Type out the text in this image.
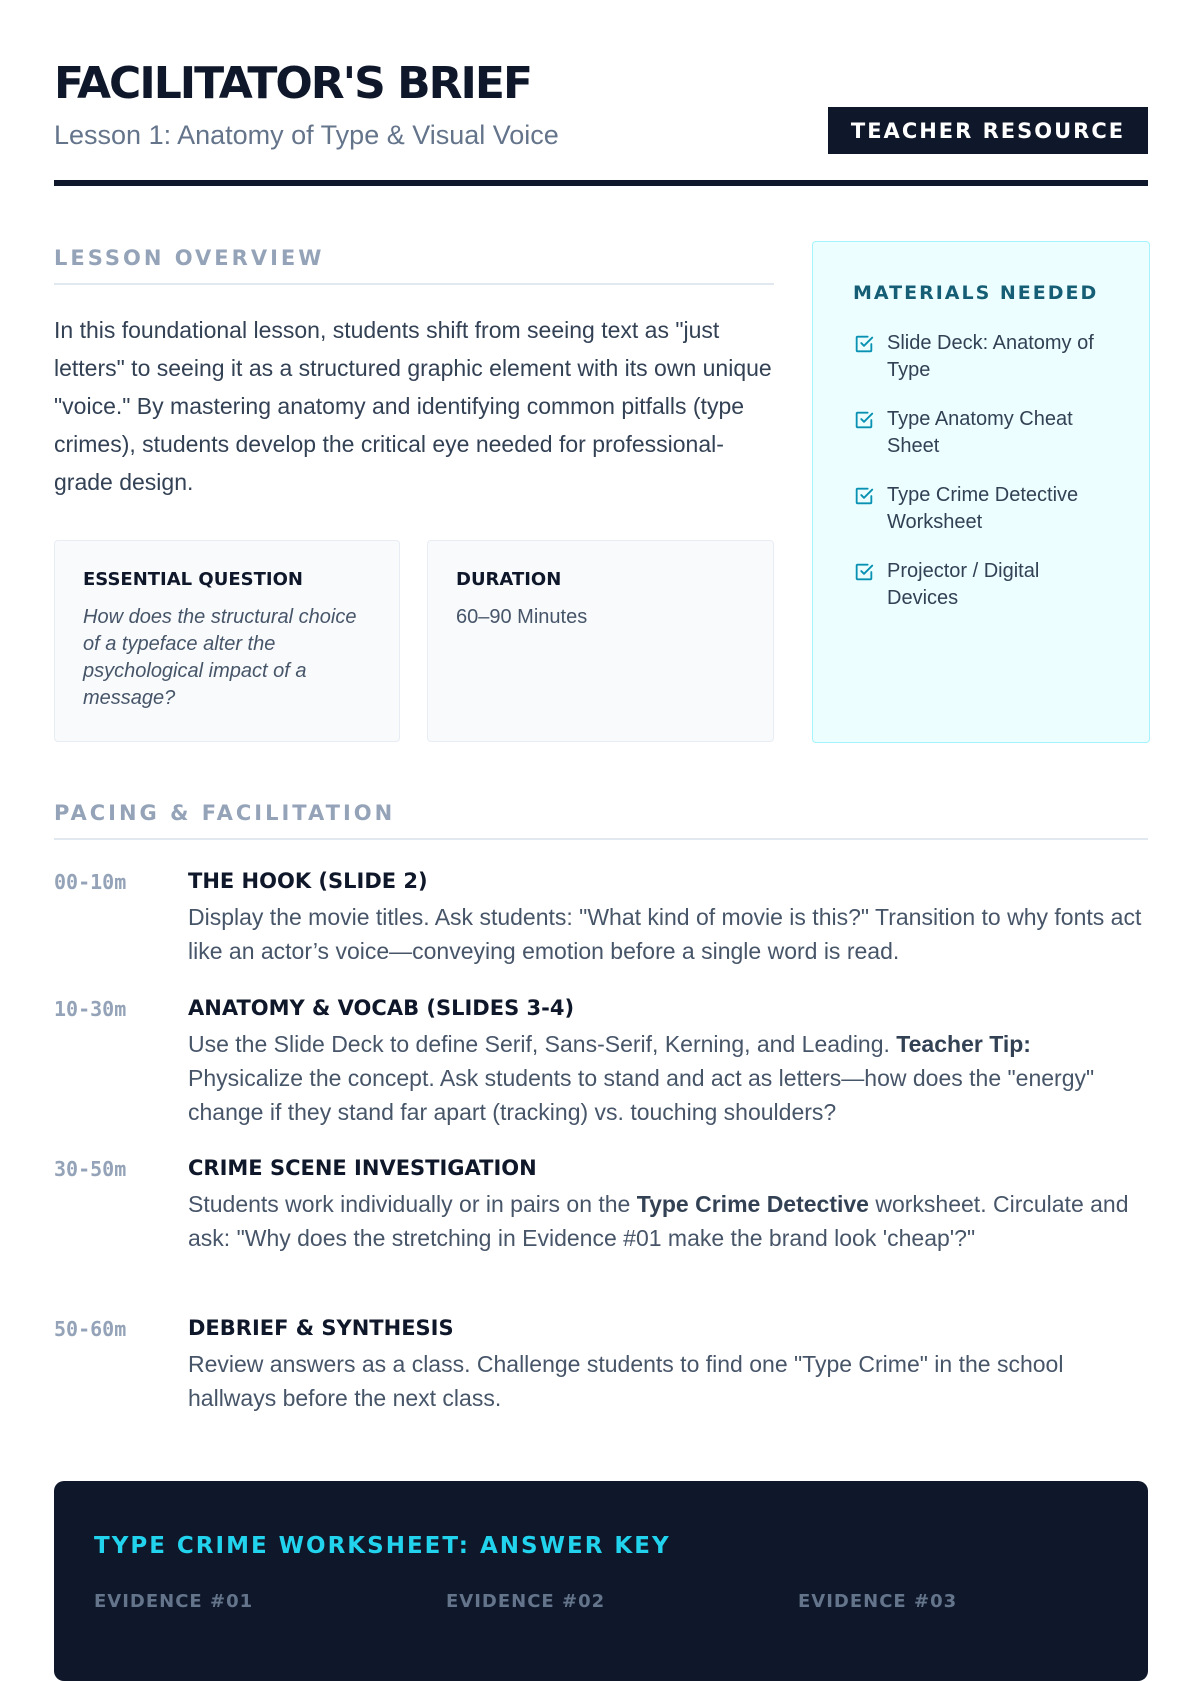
FACILITATOR'S BRIEF
Lesson 1: Anatomy of Type & Visual Voice	TEACHER RESOURCE
LESSON OVERVIEW
In this foundational lesson, students shift from seeing text as "just letters" to seeing it as a structured graphic element with its own unique "voice." By mastering anatomy and identifying common pitfalls (type crimes), students develop the critical eye needed for professional-grade design.
ESSENTIAL QUESTION
How does the structural choice of a typeface alter the psychological impact of a message?
DURATION
60–90 Minutes
MATERIALS NEEDED
Slide Deck: Anatomy of Type
Type Anatomy Cheat Sheet
Type Crime Detective Worksheet
Projector / Digital Devices
PACING & FACILITATION
00-10m	THE HOOK (SLIDE 2)
Display the movie titles. Ask students: "What kind of movie is this?" Transition to why fonts act like an actor’s voice—conveying emotion before a single word is read.
10-30m	ANATOMY & VOCAB (SLIDES 3-4)
Use the Slide Deck to define Serif, Sans-Serif, Kerning, and Leading. Teacher Tip: Physicalize the concept. Ask students to stand and act as letters—how does the "energy" change if they stand far apart (tracking) vs. touching shoulders?
30-50m	CRIME SCENE INVESTIGATION
Students work individually or in pairs on the Type Crime Detective worksheet. Circulate and ask: "Why does the stretching in Evidence #01 make the brand look 'cheap'?"
50-60m	DEBRIEF & SYNTHESIS
Review answers as a class. Challenge students to find one "Type Crime" in the school hallways before the next class.
TYPE CRIME WORKSHEET: ANSWER KEY
EVIDENCE #01	EVIDENCE #02	EVIDENCE #03
